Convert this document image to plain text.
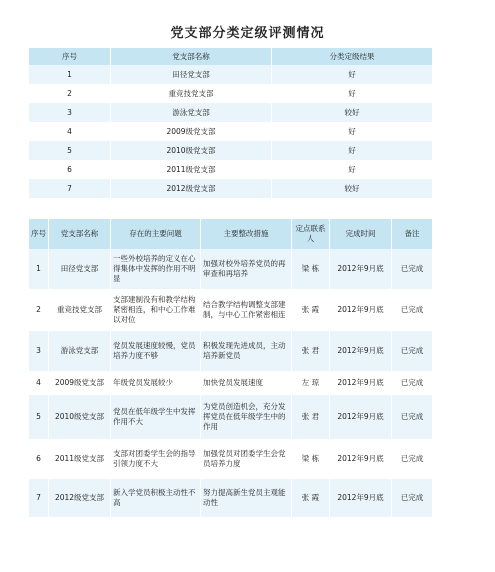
党支部分类定级评测情况
序号	党支部名称	分类定级结果
1	田径党支部	好
2	重竞技党支部	好
3	游泳党支部	较好
4	2009级党支部	好
5	2010级党支部	好
6	2011级党支部	好
7	2012级党支部	较好
序号	党支部名称	存在的主要问题	主要整改措施	定点联系人	完成时间	备注
1	田径党支部	一些外校培养的定义在心得集体中发挥的作用不明显	加强对校外培养党员的再审查和再培养	梁 栋	2012年9月底	已完成
2	重竞技党支部	支部建制没有和教学结构紧密相连，和中心工作难以对位	结合教学结构调整支部建制，与中心工作紧密相连	张 霞	2012年9月底	已完成
3	游泳党支部	党员发展速度较慢，党员培养力度不够	积极发现先进成员，主动培养新党员	张 君	2012年9月底	已完成
4	2009级党支部	年级党员发展较少	加快党员发展速度	左 琼	2012年9月底	已完成
5	2010级党支部	党员在低年级学生中发挥作用不大	为党员创造机会，充分发挥党员在低年级学生中的作用	张 君	2012年9月底	已完成
6	2011级党支部	支部对团委学生会的指导引领力度不大	加强党员对团委学生会党员培养力度	梁 栋	2012年9月底	已完成
7	2012级党支部	新入学党员积极主动性不高	努力提高新生党员主观能动性	张 霞	2012年9月底	已完成
